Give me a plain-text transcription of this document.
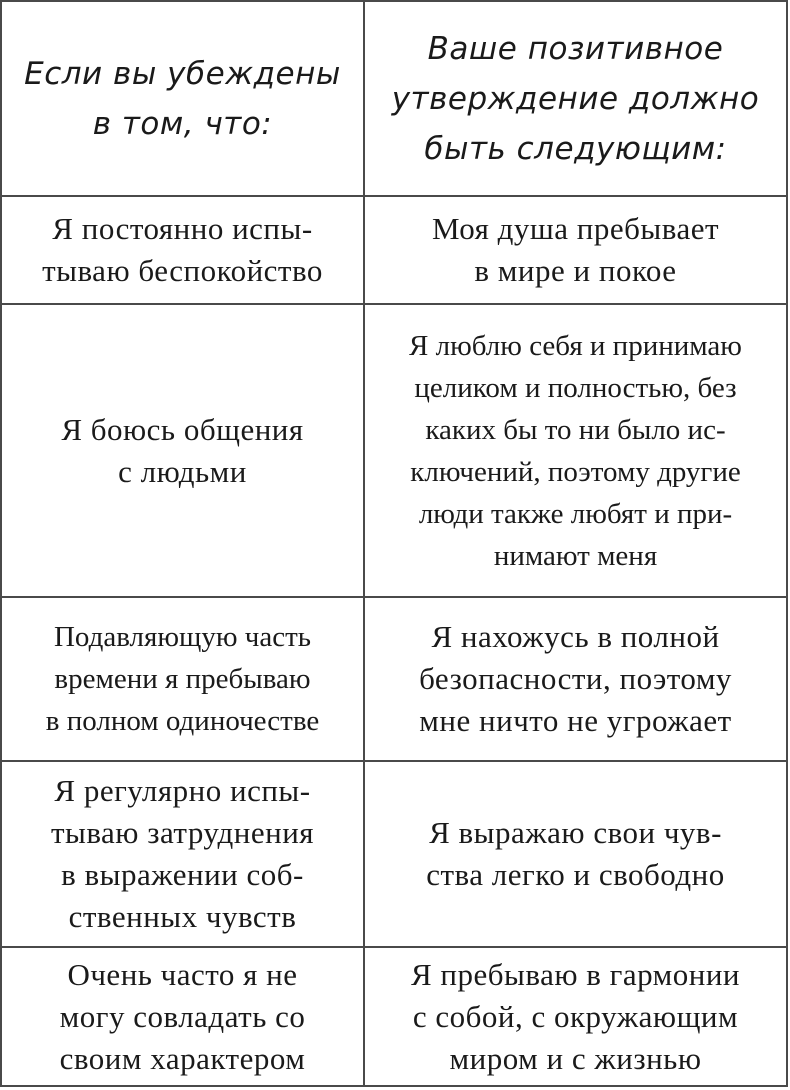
Если вы убеждены
в том, что:
Ваше позитивное
утверждение должно
быть следующим:
Я постоянно испы-
тываю беспокойство
Моя душа пребывает
в мире и покое
Я боюсь общения
с людьми
Я люблю себя и принимаю
целиком и полностью, без
каких бы то ни было ис-
ключений, поэтому другие
люди также любят и при-
нимают меня
Подавляющую часть
времени я пребываю
в полном одиночестве
Я нахожусь в полной
безопасности, поэтому
мне ничто не угрожает
Я регулярно испы-
тываю затруднения
в выражении соб-
ственных чувств
Я выражаю свои чув-
ства легко и свободно
Очень часто я не
могу совладать со
своим характером
Я пребываю в гармонии
с собой, с окружающим
миром и с жизнью
